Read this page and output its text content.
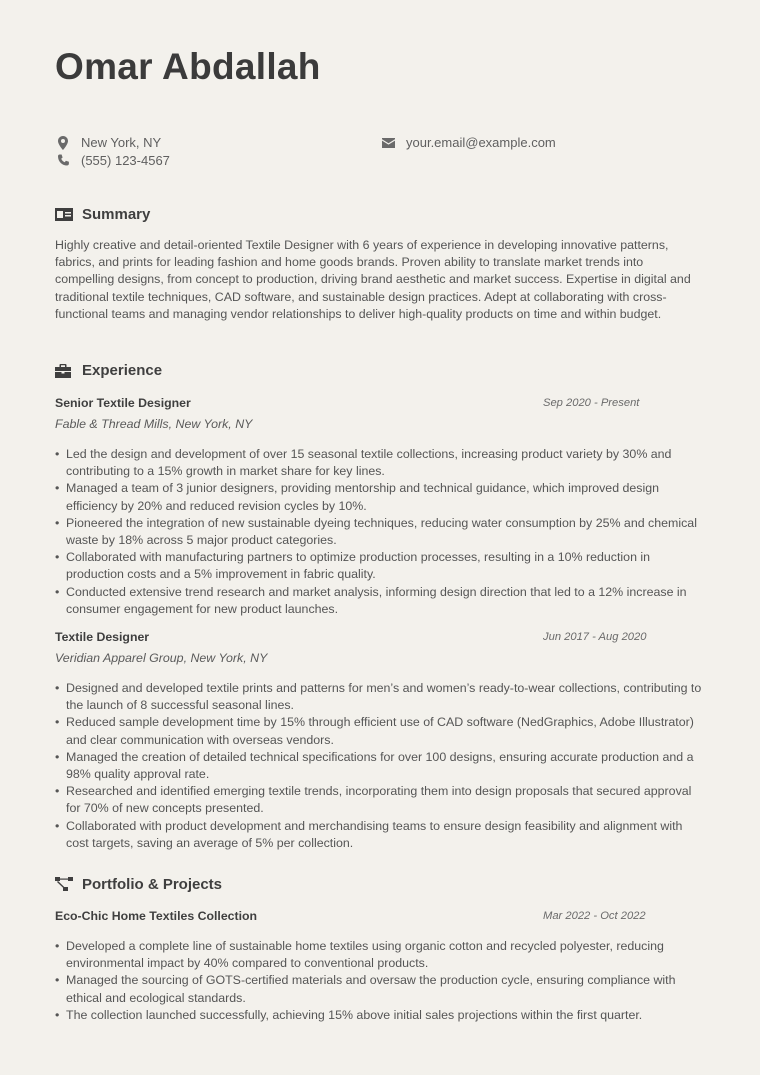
Omar Abdallah
New York, NY
(555) 123-4567
your.email@example.com
Summary

Highly creative and detail-oriented Textile Designer with 6 years of experience in developing innovative patterns, fabrics, and prints for leading fashion and home goods brands. Proven ability to translate market trends into compelling designs, from concept to production, driving brand aesthetic and market success. Expertise in digital and traditional textile techniques, CAD software, and sustainable design practices. Adept at collaborating with cross-functional teams and managing vendor relationships to deliver high-quality products on time and within budget.

Experience
Senior Textile Designer	Sep 2020 - Present
Fable & Thread Mills, New York, NY
• Led the design and development of over 15 seasonal textile collections, increasing product variety by 30% and contributing to a 15% growth in market share for key lines.
• Managed a team of 3 junior designers, providing mentorship and technical guidance, which improved design efficiency by 20% and reduced revision cycles by 10%.
• Pioneered the integration of new sustainable dyeing techniques, reducing water consumption by 25% and chemical waste by 18% across 5 major product categories.
• Collaborated with manufacturing partners to optimize production processes, resulting in a 10% reduction in production costs and a 5% improvement in fabric quality.
• Conducted extensive trend research and market analysis, informing design direction that led to a 12% increase in consumer engagement for new product launches.
Textile Designer	Jun 2017 - Aug 2020
Veridian Apparel Group, New York, NY
• Designed and developed textile prints and patterns for men’s and women’s ready-to-wear collections, contributing to the launch of 8 successful seasonal lines.
• Reduced sample development time by 15% through efficient use of CAD software (NedGraphics, Adobe Illustrator) and clear communication with overseas vendors.
• Managed the creation of detailed technical specifications for over 100 designs, ensuring accurate production and a 98% quality approval rate.
• Researched and identified emerging textile trends, incorporating them into design proposals that secured approval for 70% of new concepts presented.
• Collaborated with product development and merchandising teams to ensure design feasibility and alignment with cost targets, saving an average of 5% per collection.
Portfolio & Projects
Eco-Chic Home Textiles Collection	Mar 2022 - Oct 2022
• Developed a complete line of sustainable home textiles using organic cotton and recycled polyester, reducing environmental impact by 40% compared to conventional products.
• Managed the sourcing of GOTS-certified materials and oversaw the production cycle, ensuring compliance with ethical and ecological standards.
• The collection launched successfully, achieving 15% above initial sales projections within the first quarter.
